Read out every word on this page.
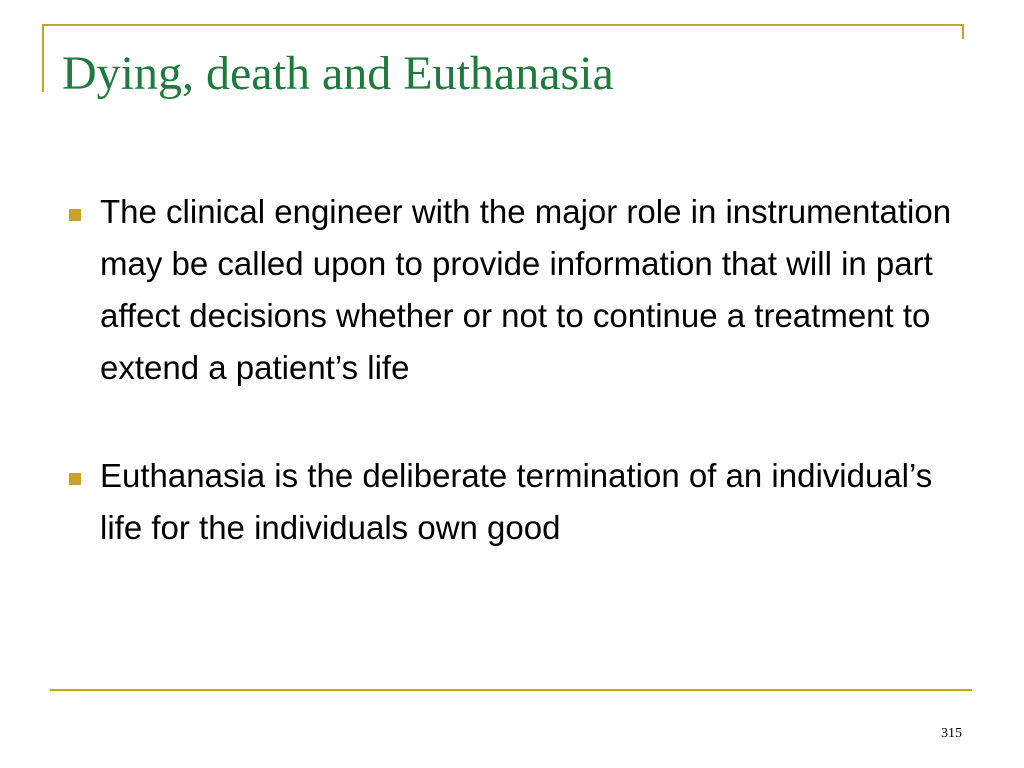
Dying, death and Euthanasia
The clinical engineer with the major role in instrumentation may be called upon to provide information that will in part affect decisions whether or not to continue a treatment to extend a patient’s life
Euthanasia is the deliberate termination of an individual’s life for the individuals own good
315
